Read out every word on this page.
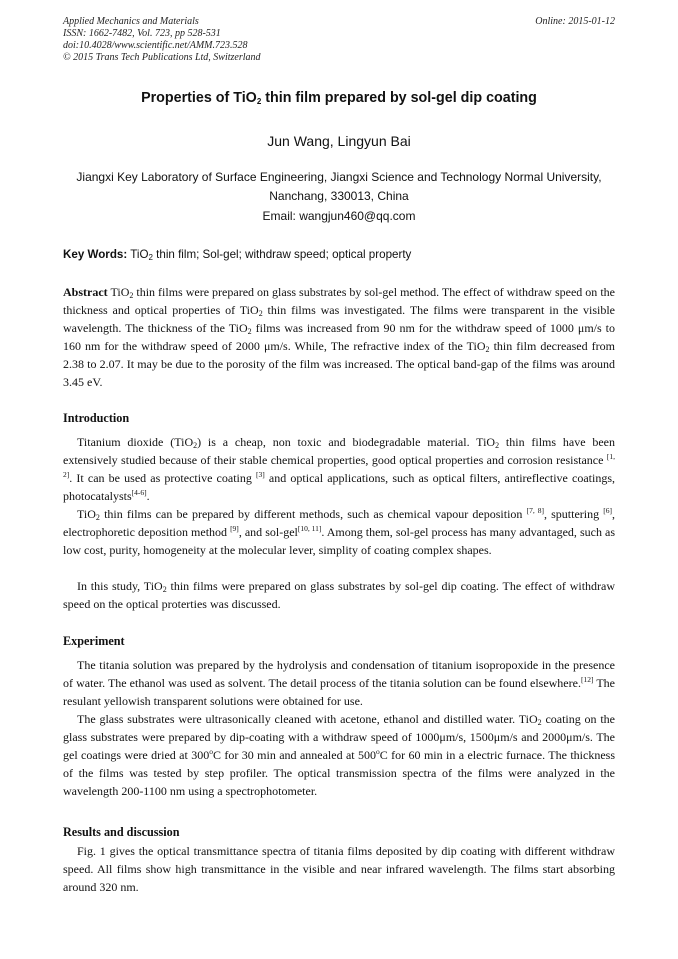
Applied Mechanics and Materials
ISSN: 1662-7482, Vol. 723, pp 528-531
doi:10.4028/www.scientific.net/AMM.723.528
© 2015 Trans Tech Publications Ltd, Switzerland
Online: 2015-01-12
Properties of TiO$_2$ thin film prepared by sol-gel dip coating
Jun Wang, Lingyun Bai
Jiangxi Key Laboratory of Surface Engineering, Jiangxi Science and Technology Normal University,
Nanchang, 330013, China
Email: wangjun460@qq.com
Key Words: TiO$_2$ thin film; Sol-gel; withdraw speed; optical property
Abstract TiO$_2$ thin films were prepared on glass substrates by sol-gel method. The effect of withdraw speed on the thickness and optical properties of TiO$_2$ thin films was investigated. The films were transparent in the visible wavelength. The thickness of the TiO$_2$ films was increased from 90 nm for the withdraw speed of 1000 μm/s to 160 nm for the withdraw speed of 2000 μm/s. While, The refractive index of the TiO$_2$ thin film decreased from 2.38 to 2.07. It may be due to the porosity of the film was increased. The optical band-gap of the films was around 3.45 eV.
Introduction
Titanium dioxide (TiO$_2$) is a cheap, non toxic and biodegradable material. TiO$_2$ thin films have been extensively studied because of their stable chemical properties, good optical properties and corrosion resistance [1, 2]. It can be used as protective coating [3] and optical applications, such as optical filters, antireflective coatings, photocatalysts[4-6].
TiO$_2$ thin films can be prepared by different methods, such as chemical vapour deposition [7, 8], sputtering [6], electrophoretic deposition method [9], and sol-gel[10, 11]. Among them, sol-gel process has many advantaged, such as low cost, purity, homogeneity at the molecular lever, simplity of coating complex shapes.
In this study, TiO$_2$ thin films were prepared on glass substrates by sol-gel dip coating. The effect of withdraw speed on the optical proterties was discussed.
Experiment
The titania solution was prepared by the hydrolysis and condensation of titanium isopropoxide in the presence of water. The ethanol was used as solvent. The detail process of the titania solution can be found elsewhere.[12] The resulant yellowish transparent solutions were obtained for use.
The glass substrates were ultrasonically cleaned with acetone, ethanol and distilled water. TiO$_2$ coating on the glass substrates were prepared by dip-coating with a withdraw speed of 1000μm/s, 1500μm/s and 2000μm/s. The gel coatings were dried at 300$^o$C for 30 min and annealed at 500$^o$C for 60 min in a electric furnace. The thickness of the films was tested by step profiler. The optical transmission spectra of the films were analyzed in the wavelength 200-1100 nm using a spectrophotometer.
Results and discussion
Fig. 1 gives the optical transmittance spectra of titania films deposited by dip coating with different withdraw speed. All films show high transmittance in the visible and near infrared wavelength. The films start absorbing around 320 nm.
